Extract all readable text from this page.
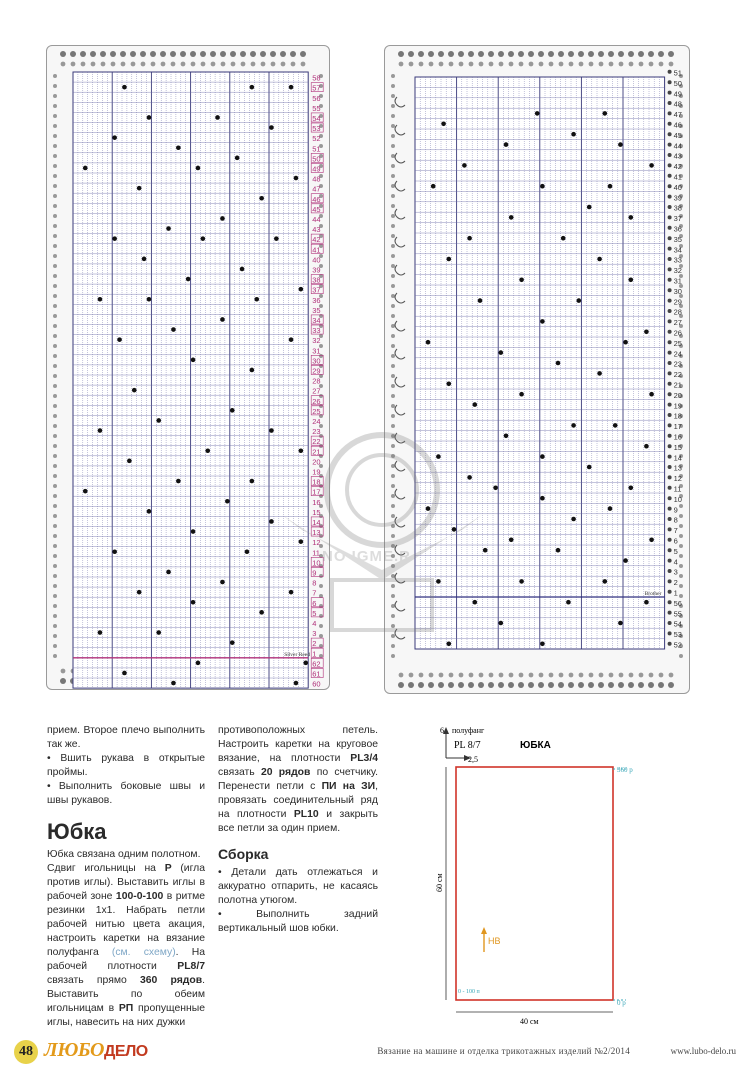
58
57
56
55
54
53
52
51
50
49
48
47
46
45
44
43
42
41
40
39
38
37
36
35
34
33
32
31
30
29
28
27
26
25
24
23
22
21
20
19
18
17
16
15
14
13
12
11
10
9
8
7
6
5
4
3
2
1
62
61
60
Silver Reed
50
49
48
47
46
45
44
43
42
41
40
39
38
37
36
35
34
33
32
31
30
29
28
27
26
25
24
23
22
21
20
19
18
17
16
15
14
13
12
11
10
9
8
7
6
5
4
3
2
1
56
55
54
53
52
51
Brother
NO IGME.R

прием. Второе плечо выполнить так же.

• Вшить рукава в открытые проймы.

• Выполнить боковые швы и швы рукавов.

Юбка

Юбка связана одним полотном.

Сдвиг игольницы на Р (игла против иглы). Выставить иглы в рабочей зоне 100-0-100 в ритме резинки 1х1. Набрать петли рабочей нитью цвета акация, настроить каретки на вязание полуфанга (см. схему). На рабочей плотности PL8/7 связать прямо 360 рядов. Выставить по обеим игольницам в РП пропущенные иглы, навесить на них дужки

противоположных петель. Настроить каретки на круговое вязание, на плотности PL3/4 связать 20 рядов по счетчику. Перенести петли с ПИ на ЗИ, провязать соединительный ряд на плотности PL10 и закрыть все петли за один прием.

Сборка

• Детали дать отлежаться и аккуратно отпарить, не касаясь полотна утюгом.

• Выполнить задний вертикальный шов юбки.

6 полуфанг
PL 8/7
2,5
ЮБКА
360 р
0 р
0 - 100 п
60 см
40 см
НВ
48 ЛЮБОДЕЛО	Вязание на машине и отделка трикотажных изделий №2/2014	www.lubo-delo.ru
